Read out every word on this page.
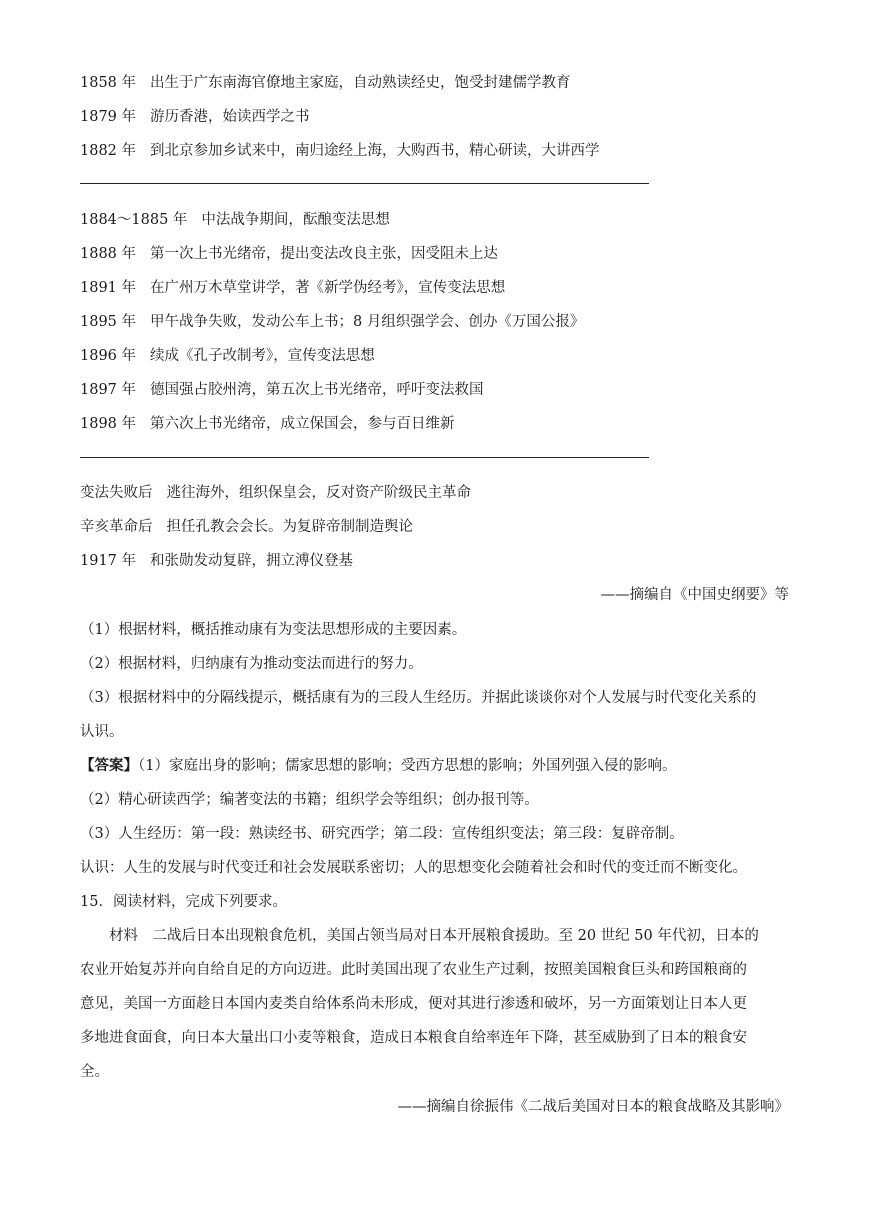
1858 年 出生于广东南海官僚地主家庭，自动熟读经史，饱受封建儒学教育
1879 年 游历香港，始读西学之书
1882 年 到北京参加乡试来中，南归途经上海，大购西书，精心研读，大讲西学
1884～1885 年 中法战争期间，酝酿变法思想
1888 年 第一次上书光绪帝，提出变法改良主张，因受阻未上达
1891 年 在广州万木草堂讲学，著《新学伪经考》，宣传变法思想
1895 年 甲午战争失败，发动公车上书；8 月组织强学会、创办《万国公报》
1896 年 续成《孔子改制考》，宣传变法思想
1897 年 德国强占胶州湾，第五次上书光绪帝，呼吁变法救国
1898 年 第六次上书光绪帝，成立保国会，参与百日维新
变法失败后 逃往海外，组织保皇会，反对资产阶级民主革命
辛亥革命后 担任孔教会会长。为复辟帝制制造舆论
1917 年 和张勋发动复辟，拥立溥仪登基
——摘编自《中国史纲要》等
（1）根据材料，概括推动康有为变法思想形成的主要因素。
（2）根据材料，归纳康有为推动变法而进行的努力。
（3）根据材料中的分隔线提示，概括康有为的三段人生经历。并据此谈谈你对个人发展与时代变化关系的
认识。
【答案】（1）家庭出身的影响；儒家思想的影响；受西方思想的影响；外国列强入侵的影响。
（2）精心研读西学；编著变法的书籍；组织学会等组织；创办报刊等。
（3）人生经历：第一段：熟读经书、研究西学；第二段：宣传组织变法；第三段：复辟帝制。
认识：人生的发展与时代变迁和社会发展联系密切；人的思想变化会随着社会和时代的变迁而不断变化。
15．阅读材料，完成下列要求。
　　材料　二战后日本出现粮食危机，美国占领当局对日本开展粮食援助。至 20 世纪 50 年代初，日本的
农业开始复苏并向自给自足的方向迈进。此时美国出现了农业生产过剩，按照美国粮食巨头和跨国粮商的
意见，美国一方面趁日本国内麦类自给体系尚未形成，便对其进行渗透和破坏，另一方面策划让日本人更
多地进食面食，向日本大量出口小麦等粮食，造成日本粮食自给率连年下降，甚至威胁到了日本的粮食安
全。
——摘编自徐振伟《二战后美国对日本的粮食战略及其影响》
